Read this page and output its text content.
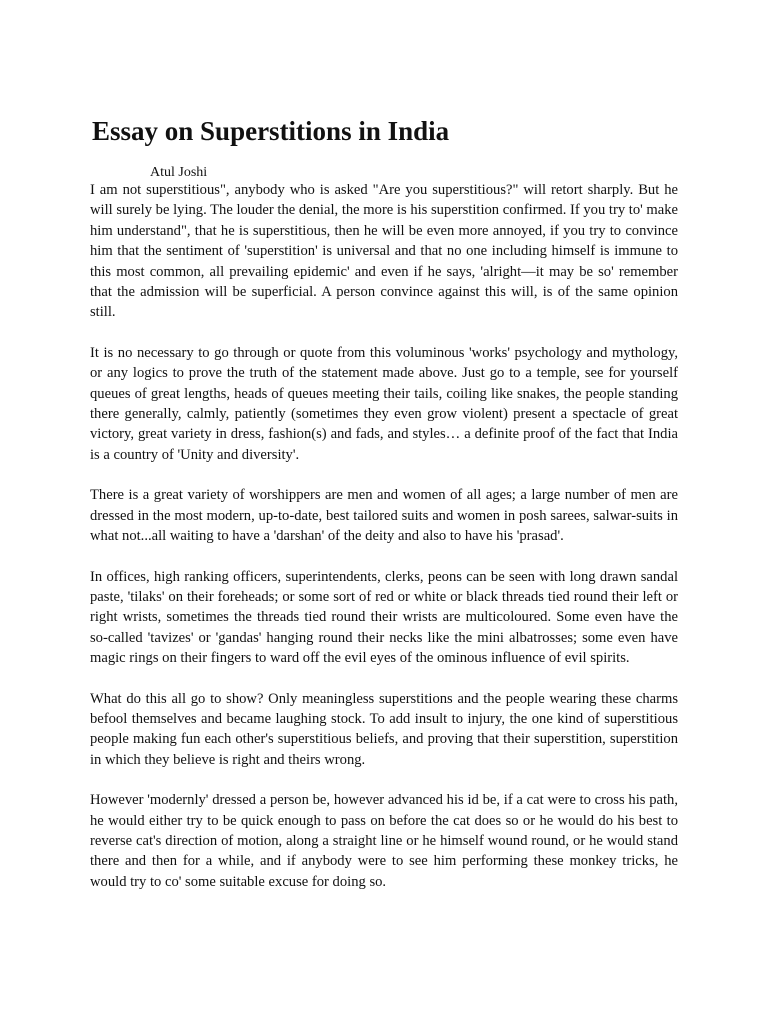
Essay on Superstitions in India

Atul Joshi

I am not superstitious", anybody who is asked "Are you superstitious?" will retort sharply. But he will surely be lying. The louder the denial, the more is his superstition confirmed. If you try to' make him understand", that he is superstitious, then he will be even more annoyed, if you try to convince him that the sentiment of 'superstition' is universal and that no one including himself is immune to this most common, all prevailing epidemic' and even if he says, 'alright—it may be so' remember that the admission will be superficial. A person convince against this will, is of the same opinion still.

It is no necessary to go through or quote from this voluminous 'works' psychology and mythology, or any logics to prove the truth of the statement made above. Just go to a temple, see for yourself queues of great lengths, heads of queues meeting their tails, coiling like snakes, the people standing there generally, calmly, patiently (sometimes they even grow violent) present a spectacle of great victory, great variety in dress, fashion(s) and fads, and styles… a definite proof of the fact that India is a country of 'Unity and diversity'.

There is a great variety of worshippers are men and women of all ages; a large number of men are dressed in the most modern, up-to-date, best tailored suits and women in posh sarees, salwar-suits in what not...all waiting to have a 'darshan' of the deity and also to have his 'prasad'.

In offices, high ranking officers, superintendents, clerks, peons can be seen with long drawn sandal paste, 'tilaks' on their foreheads; or some sort of red or white or black threads tied round their left or right wrists, sometimes the threads tied round their wrists are multicoloured. Some even have the so-called 'tavizes' or 'gandas' hanging round their necks like the mini albatrosses; some even have magic rings on their fingers to ward off the evil eyes of the ominous influence of evil spirits.

What do this all go to show? Only meaningless superstitions and the people wearing these charms befool themselves and became laughing stock. To add insult to injury, the one kind of superstitious people making fun each other's superstitious beliefs, and proving that their superstition, superstition in which they believe is right and theirs wrong.

However 'modernly' dressed a person be, however advanced his id be, if a cat were to cross his path, he would either try to be quick enough to pass on before the cat does so or he would do his best to reverse cat's direction of motion, along a straight line or he himself wound round, or he would stand there and then for a while, and if anybody were to see him performing these monkey tricks, he would try to co' some suitable excuse for doing so.
